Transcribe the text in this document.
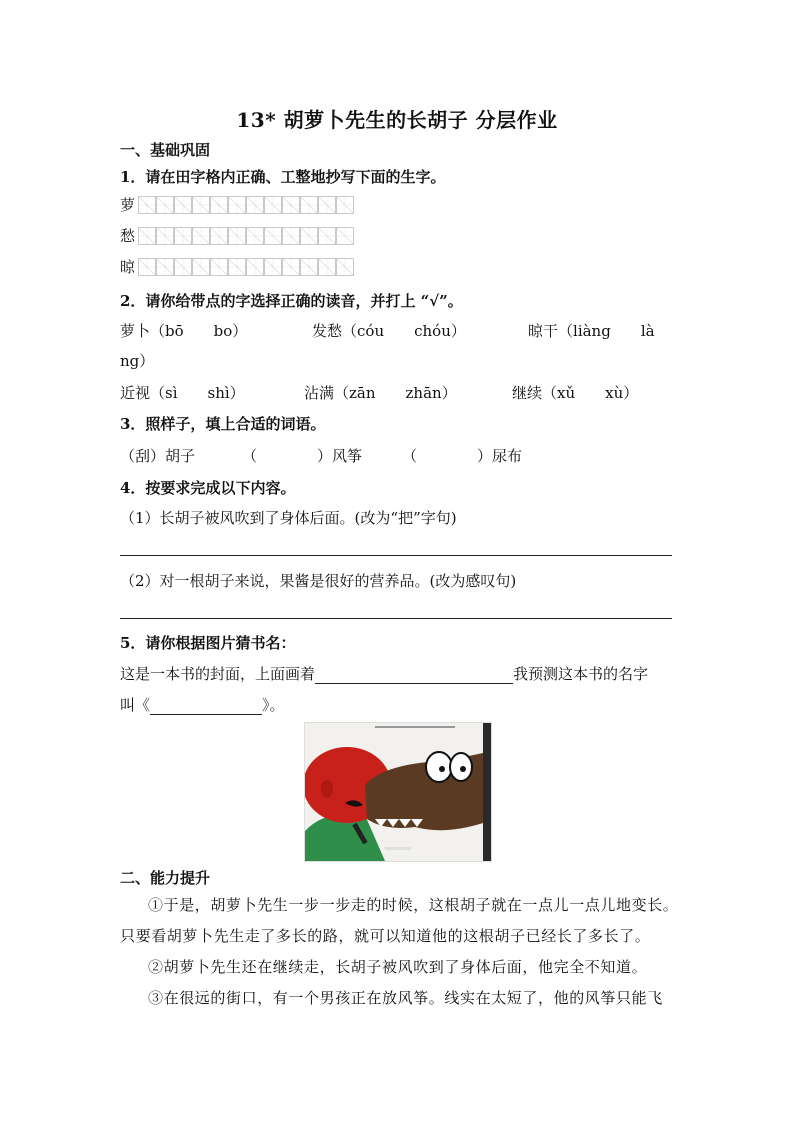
13* 胡萝卜先生的长胡子 分层作业
一、基础巩固
1．请在田字格内正确、工整地抄写下面的生字。
萝
愁
晾
2．请你给带点的字选择正确的读音，并打上 “√”。
萝卜（bō　　bo）	发愁（cóu　　chóu）	晾干（liàng　　là
ng）
近视（sì　　shì）	沾满（zān　　zhān）	继续（xǔ　　xù）
3．照样子，填上合适的词语。
（刮）胡子	（　　　　）风筝	（　　　　）尿布
4．按要求完成以下内容。
（1）长胡子被风吹到了身体后面。(改为“把”字句)
（2）对一根胡子来说，果酱是很好的营养品。(改为感叹句)
5．请你根据图片猜书名：
这是一本书的封面，上面画着	我预测这本书的名字
叫《	》。
二、能力提升
①于是，胡萝卜先生一步一步走的时候，这根胡子就在一点儿一点儿地变长。
只要看胡萝卜先生走了多长的路，就可以知道他的这根胡子已经长了多长了。
②胡萝卜先生还在继续走，长胡子被风吹到了身体后面，他完全不知道。
③在很远的街口，有一个男孩正在放风筝。线实在太短了，他的风筝只能飞
